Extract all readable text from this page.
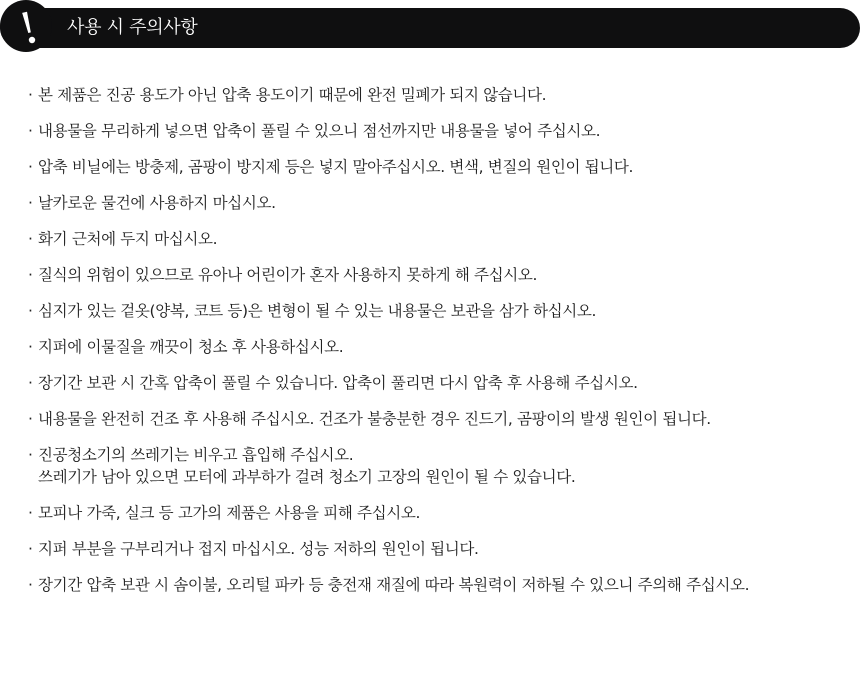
사용 시 주의사항
· 본 제품은 진공 용도가 아닌 압축 용도이기 때문에 완전 밀폐가 되지 않습니다.
· 내용물을 무리하게 넣으면 압축이 풀릴 수 있으니 점선까지만 내용물을 넣어 주십시오.
· 압축 비닐에는 방충제, 곰팡이 방지제 등은 넣지 말아주십시오. 변색, 변질의 원인이 됩니다.
· 날카로운 물건에 사용하지 마십시오.
· 화기 근처에 두지 마십시오.
· 질식의 위험이 있으므로 유아나 어린이가 혼자 사용하지 못하게 해 주십시오.
· 심지가 있는 겉옷(양복, 코트 등)은 변형이 될 수 있는 내용물은 보관을 삼가 하십시오.
· 지퍼에 이물질을 깨끗이 청소 후 사용하십시오.
· 장기간 보관 시 간혹 압축이 풀릴 수 있습니다. 압축이 풀리면 다시 압축 후 사용해 주십시오.
· 내용물을 완전히 건조 후 사용해 주십시오. 건조가 불충분한 경우 진드기, 곰팡이의 발생 원인이 됩니다.
· 진공청소기의 쓰레기는 비우고 흡입해 주십시오.
쓰레기가 남아 있으면 모터에 과부하가 걸려 청소기 고장의 원인이 될 수 있습니다.
· 모피나 가죽, 실크 등 고가의 제품은 사용을 피해 주십시오.
· 지퍼 부분을 구부리거나 접지 마십시오. 성능 저하의 원인이 됩니다.
· 장기간 압축 보관 시 솜이불, 오리털 파카 등 충전재 재질에 따라 복원력이 저하될 수 있으니 주의해 주십시오.
